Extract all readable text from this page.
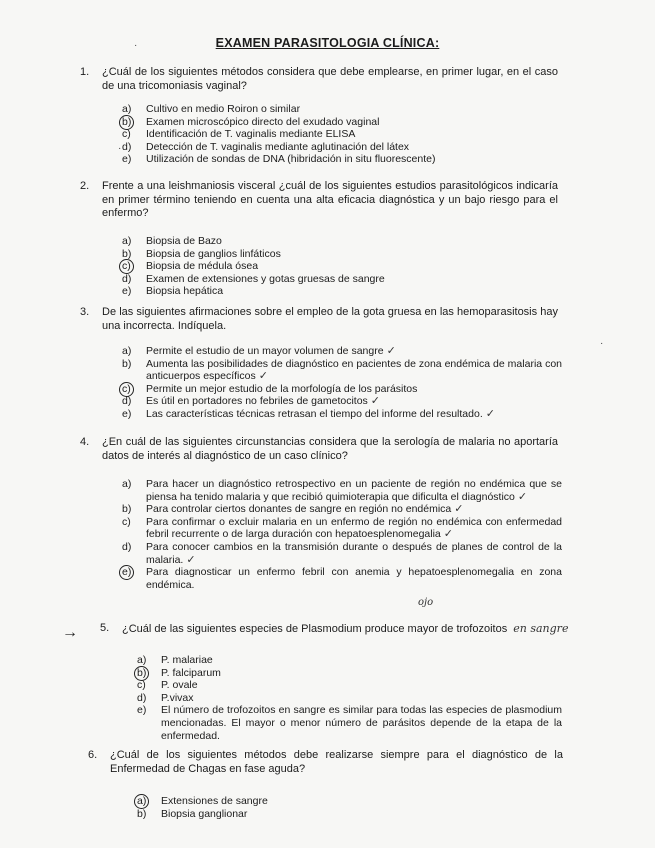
·	EXAMEN PARASITOLOGIA CLÍNICA:
1.	¿Cuál de los siguientes métodos considera que debe emplearse, en primer lugar, en el caso de una tricomoniasis vaginal?
a)	Cultivo en medio Roiron o similar
b)	Examen microscópico directo del exudado vaginal
c)	Identificación de T. vaginalis mediante ELISA
d)	Detección de T. vaginalis mediante aglutinación del látex
e)	Utilización de sondas de DNA (hibridación in situ fluorescente)
·
2.	Frente a una leishmaniosis visceral ¿cuál de los siguientes estudios parasitológicos indicaría en primer término teniendo en cuenta una alta eficacia diagnóstica y un bajo riesgo para el enfermo?
a)	Biopsia de Bazo
b)	Biopsia de ganglios linfáticos
c)	Biopsia de médula ósea
d)	Examen de extensiones y gotas gruesas de sangre
e)	Biopsia hepática
3.	De las siguientes afirmaciones sobre el empleo de la gota gruesa en las hemoparasitosis hay una incorrecta. Indíquela.
·
a)	Permite el estudio de un mayor volumen de sangre ✓
b)	Aumenta las posibilidades de diagnóstico en pacientes de zona endémica de malaria con anticuerpos específicos ✓
c)	Permite un mejor estudio de la morfología de los parásitos
d)	Es útil en portadores no febriles de gametocitos ✓
e)	Las características técnicas retrasan el tiempo del informe del resultado. ✓
4.	¿En cuál de las siguientes circunstancias considera que la serología de malaria no aportaría datos de interés al diagnóstico de un caso clínico?
a)	Para hacer un diagnóstico retrospectivo en un paciente de región no endémica que se piensa ha tenido malaria y que recibió quimioterapia que dificulta el diagnóstico ✓
b)	Para controlar ciertos donantes de sangre en región no endémica ✓
c)	Para confirmar o excluir malaria en un enfermo de región no endémica con enfermedad febril recurrente o de larga duración con hepatoesplenomegalia ✓
d)	Para conocer cambios en la transmisión durante o después de planes de control de la malaria. ✓
e)	Para diagnosticar un enfermo febril con anemia y hepatoesplenomegalia en zona endémica.
ojo
→ 5.	¿Cuál de las siguientes especies de Plasmodium produce mayor de trofozoitos en sangre
a)	P. malariae
b)	P. falciparum
c)	P. ovale
d)	P.vivax
e)	El número de trofozoitos en sangre es similar para todas las especies de plasmodium mencionadas. El mayor o menor número de parásitos depende de la etapa de la enfermedad.
6.	¿Cuál de los siguientes métodos debe realizarse siempre para el diagnóstico de la Enfermedad de Chagas en fase aguda?
a)	Extensiones de sangre
b)	Biopsia ganglionar
